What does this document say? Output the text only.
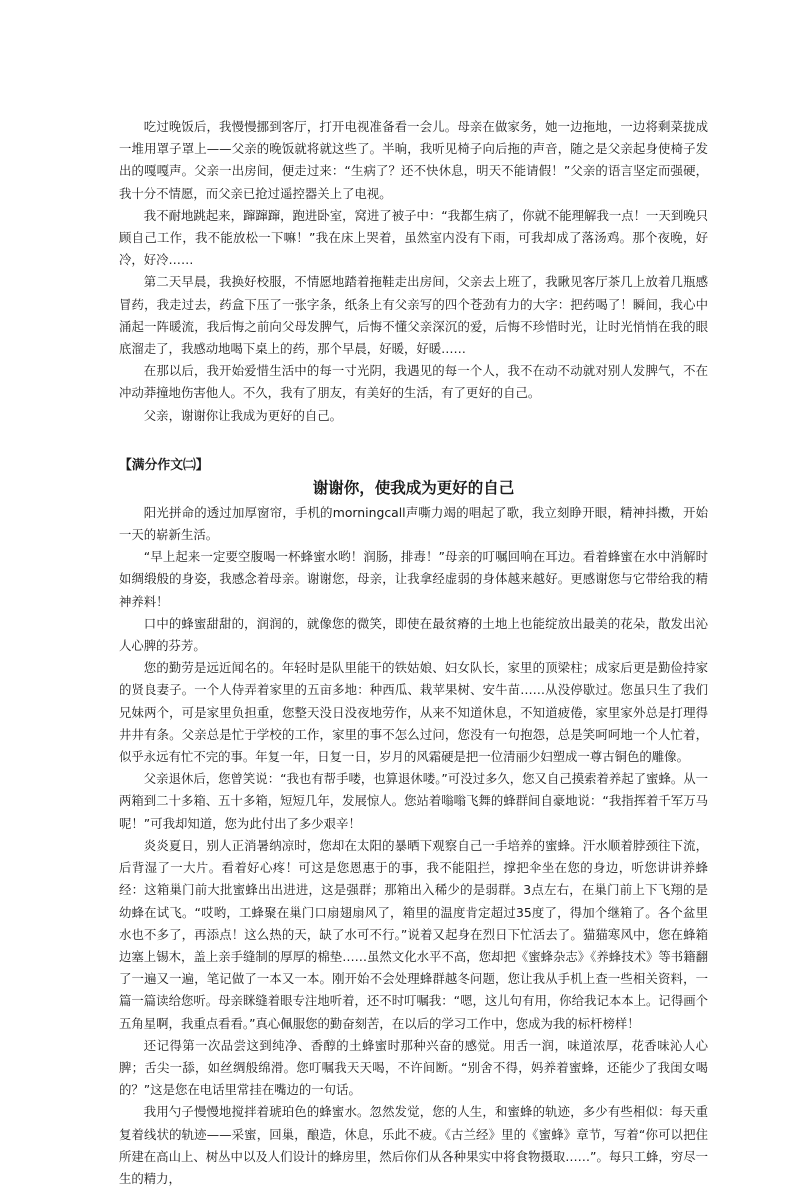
吃过晚饭后，我慢慢挪到客厅，打开电视准备看一会儿。母亲在做家务，她一边拖地，一边将剩菜拢成一堆用罩子罩上——父亲的晚饭就将就这些了。半晌，我听见椅子向后拖的声音，随之是父亲起身使椅子发出的嘎嘎声。父亲一出房间，便走过来：“生病了？还不快休息，明天不能请假！”父亲的语言坚定而强硬，我十分不情愿，而父亲已抢过遥控器关上了电视。

我不耐地跳起来，蹿蹿蹿，跑进卧室，窝进了被子中：“我都生病了，你就不能理解我一点！一天到晚只顾自己工作，我不能放松一下嘛！”我在床上哭着，虽然室内没有下雨，可我却成了落汤鸡。那个夜晚，好冷，好冷……

第二天早晨，我换好校服，不情愿地踏着拖鞋走出房间，父亲去上班了，我瞅见客厅茶几上放着几瓶感冒药，我走过去，药盒下压了一张字条，纸条上有父亲写的四个苍劲有力的大字：把药喝了！瞬间，我心中涌起一阵暖流，我后悔之前向父母发脾气，后悔不懂父亲深沉的爱，后悔不珍惜时光，让时光悄悄在我的眼底溜走了，我感动地喝下桌上的药，那个早晨，好暖，好暖……

在那以后，我开始爱惜生活中的每一寸光阴，我遇见的每一个人，我不在动不动就对别人发脾气，不在冲动莽撞地伤害他人。不久，我有了朋友，有美好的生活，有了更好的自己。

父亲，谢谢你让我成为更好的自己。

【满分作文㈡】

谢谢你，使我成为更好的自己

阳光拼命的透过加厚窗帘，手机的morningcall声嘶力竭的唱起了歌，我立刻睁开眼，精神抖擞，开始一天的崭新生活。

“早上起来一定要空腹喝一杯蜂蜜水哟！润肠，排毒！”母亲的叮嘱回响在耳边。看着蜂蜜在水中消解时如绸缎般的身姿，我感念着母亲。谢谢您，母亲，让我拿经虚弱的身体越来越好。更感谢您与它带给我的精神养料！

口中的蜂蜜甜甜的，润润的，就像您的微笑，即使在最贫瘠的土地上也能绽放出最美的花朵，散发出沁人心脾的芬芳。

您的勤劳是远近闻名的。年轻时是队里能干的铁姑娘、妇女队长，家里的顶梁柱；成家后更是勤俭持家的贤良妻子。一个人侍弄着家里的五亩多地：种西瓜、栽苹果树、安牛苗……从没停歇过。您虽只生了我们兄妹两个，可是家里负担重，您整天没日没夜地劳作，从来不知道休息，不知道疲倦，家里家外总是打理得井井有条。父亲总是忙于学校的工作，家里的事不怎么过问，您没有一句抱怨，总是笑呵呵地一个人忙着，似乎永远有忙不完的事。年复一年，日复一日，岁月的风霜硬是把一位清丽少妇塑成一尊古铜色的雕像。

父亲退休后，您曾笑说：“我也有帮手喽，也算退休喽。”可没过多久，您又自己摸索着养起了蜜蜂。从一两箱到二十多箱、五十多箱，短短几年，发展惊人。您站着嗡嗡飞舞的蜂群间自豪地说：“我指挥着千军万马呢！”可我却知道，您为此付出了多少艰辛！

炎炎夏日，别人正消暑纳凉时，您却在太阳的暴晒下观察自己一手培养的蜜蜂。汗水顺着脖颈往下流，后背湿了一大片。看着好心疼！可这是您恩惠于的事，我不能阻拦，撑把伞坐在您的身边，听您讲讲养蜂经：这箱巢门前大批蜜蜂出出进进，这是强群；那箱出入稀少的是弱群。3点左右，在巢门前上下飞翔的是幼蜂在试飞。“哎哟，工蜂聚在巢门口扇翅扇风了，箱里的温度肯定超过35度了，得加个继箱了。各个盆里水也不多了，再添点！这么热的天，缺了水可不行。”说着又起身在烈日下忙活去了。猫猫寒风中，您在蜂箱边塞上锡木，盖上亲手缝制的厚厚的棉垫……虽然文化水平不高，您却把《蜜蜂杂志》《养蜂技术》等书籍翻了一遍又一遍，笔记做了一本又一本。刚开始不会处理蜂群越冬问题，您让我从手机上查一些相关资料，一篇一篇读给您听。母亲眯缝着眼专注地听着，还不时叮嘱我：“嗯，这儿句有用，你给我记本本上。记得画个五角星啊，我重点看看。”真心佩服您的勤奋刻苦，在以后的学习工作中，您成为我的标杆榜样！

还记得第一次品尝这到纯净、香醇的土蜂蜜时那种兴奋的感觉。用舌一润，味道浓厚，花香味沁人心脾；舌尖一舔，如丝绸般绵滑。您叮嘱我天天喝，不许间断。“别舍不得，妈养着蜜蜂，还能少了我闺女喝的？”这是您在电话里常挂在嘴边的一句话。

我用勺子慢慢地搅拌着琥珀色的蜂蜜水。忽然发觉，您的人生，和蜜蜂的轨迹，多少有些相似：每天重复着线状的轨迹——采蜜，回巢，酿造，休息，乐此不疲。《古兰经》里的《蜜蜂》章节，写着“你可以把住所建在高山上、树丛中以及人们设计的蜂房里，然后你们从各种果实中将食物摄取……”。每只工蜂，穷尽一生的精力，
